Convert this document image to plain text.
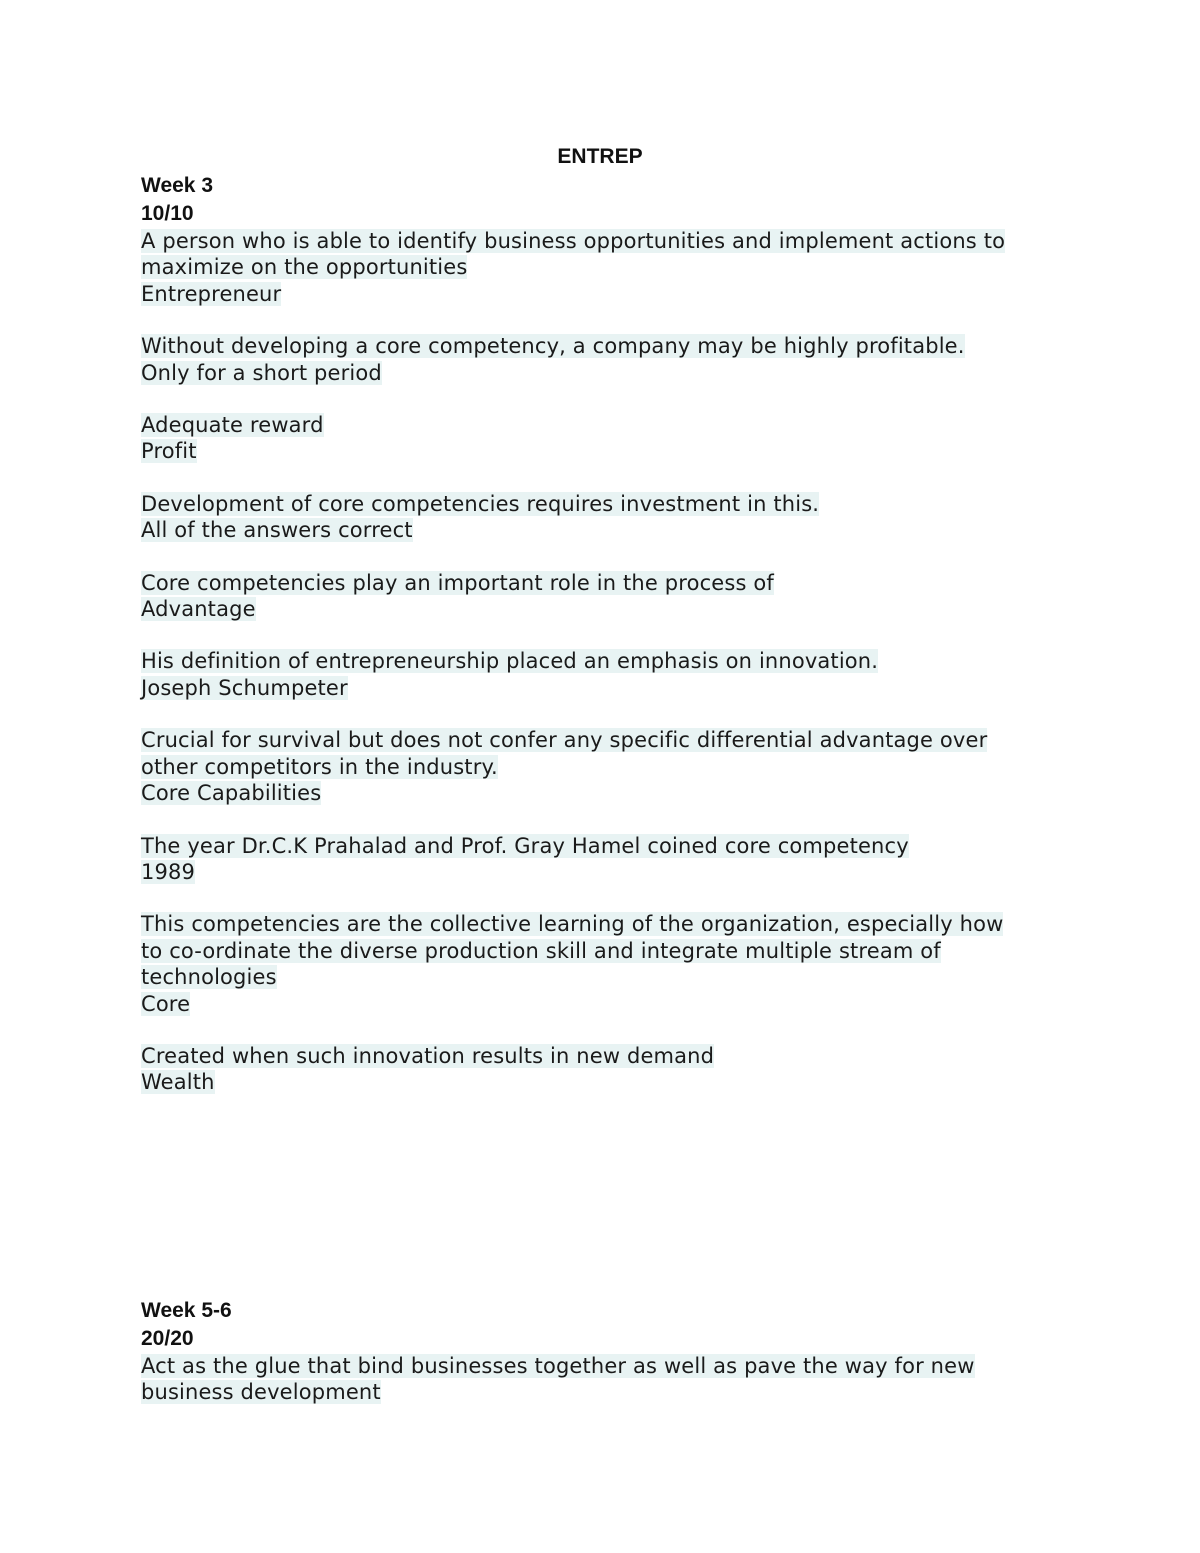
ENTREP
Week 3
10/10
A person who is able to identify business opportunities and implement actions to
maximize on the opportunities
Entrepreneur
Without developing a core competency, a company may be highly profitable.
Only for a short period
Adequate reward
Profit
Development of core competencies requires investment in this.
All of the answers correct
Core competencies play an important role in the process of
Advantage
His definition of entrepreneurship placed an emphasis on innovation.
Joseph Schumpeter
Crucial for survival but does not confer any specific differential advantage over
other competitors in the industry.
Core Capabilities
The year Dr.C.K Prahalad and Prof. Gray Hamel coined core competency
1989
This competencies are the collective learning of the organization, especially how
to co-ordinate the diverse production skill and integrate multiple stream of
technologies
Core
Created when such innovation results in new demand
Wealth
Week 5-6
20/20
Act as the glue that bind businesses together as well as pave the way for new
business development
